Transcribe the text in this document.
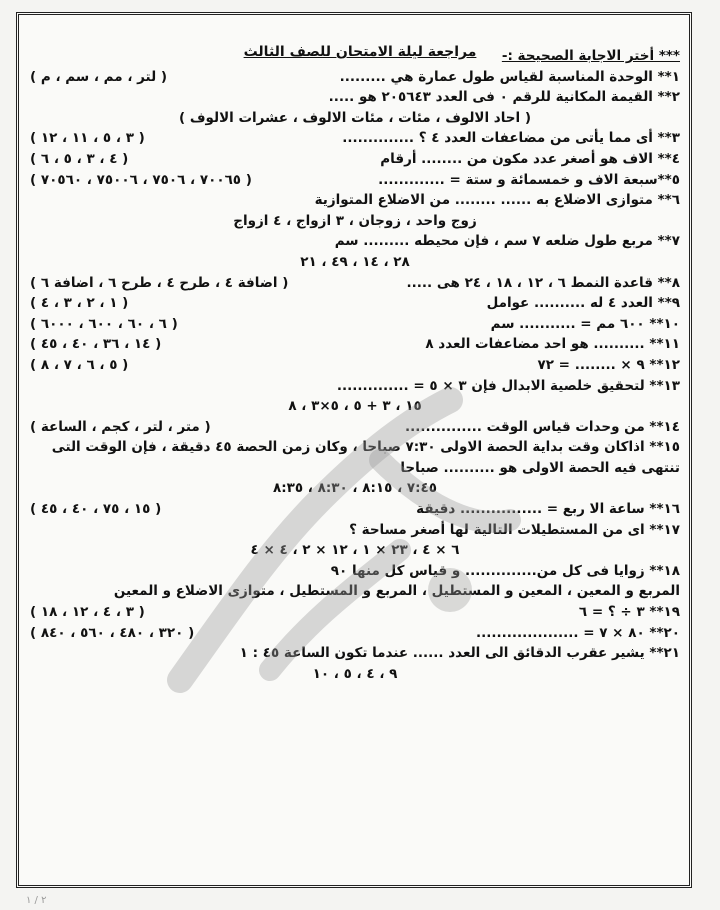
مراجعة ليلة الامتحان للصف الثالث	*** أختر الاجابة الصحيحة :-
١** الوحدة المناسبة لقياس طول عمارة هي .........
( لتر ، مم ، سم ، م )
٢** القيمة المكانية للرقم ٠ فى العدد ٢٠٥٦٤٣ هو .....
( احاد الالوف ، مئات ، مئات الالوف ، عشرات الالوف )
٣** أى مما يأتى من مضاعفات العدد ٤ ؟ ..............
( ٣ ، ٥ ، ١١ ، ١٢ )
٤** الاف هو أصغر عدد مكون من ........ أرقام
( ٤ ، ٣ ، ٥ ، ٦ )
٥**سبعة الاف و خمسمائة و ستة = .............
( ٧٠٠٦٥ ، ٧٥٠٦ ، ٧٥٠٠٦ ، ٧٠٥٦٠ )
٦** متوازى الاضلاع به ...... ........ من الاضلاع المتوازية
زوج واحد ، زوجان ، ٣ ازواج ، ٤ ازواج
٧** مربع طول ضلعه ٧ سم ، فإن محيطه ......... سم
٢٨ ، ١٤ ، ٤٩ ، ٢١
٨** قاعدة النمط ٦ ، ١٢ ، ١٨ ، ٢٤ هى .....
( اضافة ٤ ، طرح ٤ ، طرح ٦ ، اضافة ٦ )
٩** العدد ٤ له .......... عوامل
( ١ ، ٢ ، ٣ ، ٤ )
١٠** ٦٠٠ مم = ........... سم
( ٦ ، ٦٠ ، ٦٠٠ ، ٦٠٠٠ )
١١** .......... هو احد مضاعفات العدد ٨
( ١٤ ، ٣٦ ، ٤٠ ، ٤٥ )
١٢** ٩ × ........ = ٧٢
( ٥ ، ٦ ، ٧ ، ٨ )
١٣** لتحقيق خلصية الابدال فإن ٣ × ٥ = ..............
١٥ ، ٣ + ٥ ، ٥×٣ ، ٨
١٤** من وحدات قياس الوقت ...............
( متر ، لتر ، كجم ، الساعة )
١٥** اذاكان وقت بداية الحصة الاولى ٧:٣٠ صباحا ، وكان زمن الحصة ٤٥ دقيقة ، فإن الوقت التى
تنتهى فيه الحصة الاولى هو .......... صباحا
٧:٤٥ ، ٨:١٥ ، ٨:٣٠ ، ٨:٣٥
١٦** ساعة الا ربع = ................ دقيقة
( ١٥ ، ٧٥ ، ٤٠ ، ٤٥ )
١٧** اى من المستطيلات التالية لها أصغر مساحة ؟
٦ × ٤ ، ٢٣ × ١ ، ١٢ × ٢ ، ٤ × ٤
١٨** زوايا فى كل من.............. و قياس كل منها ٩٠
المربع و المعين ، المعين و المستطيل ، المربع و المستطيل ، متوازى الاضلاع و المعين
١٩** ٣ ÷ ؟ = ٦
( ٣ ، ٤ ، ١٢ ، ١٨ )
٢٠** ٨٠ × ٧ = ....................
( ٣٢٠ ، ٤٨٠ ، ٥٦٠ ، ٨٤٠ )
٢١** يشير عقرب الدقائق الى العدد ...... عندما تكون الساعة ٤٥ : ١
٩ ، ٤ ، ٥ ، ١٠
٢ / ١
